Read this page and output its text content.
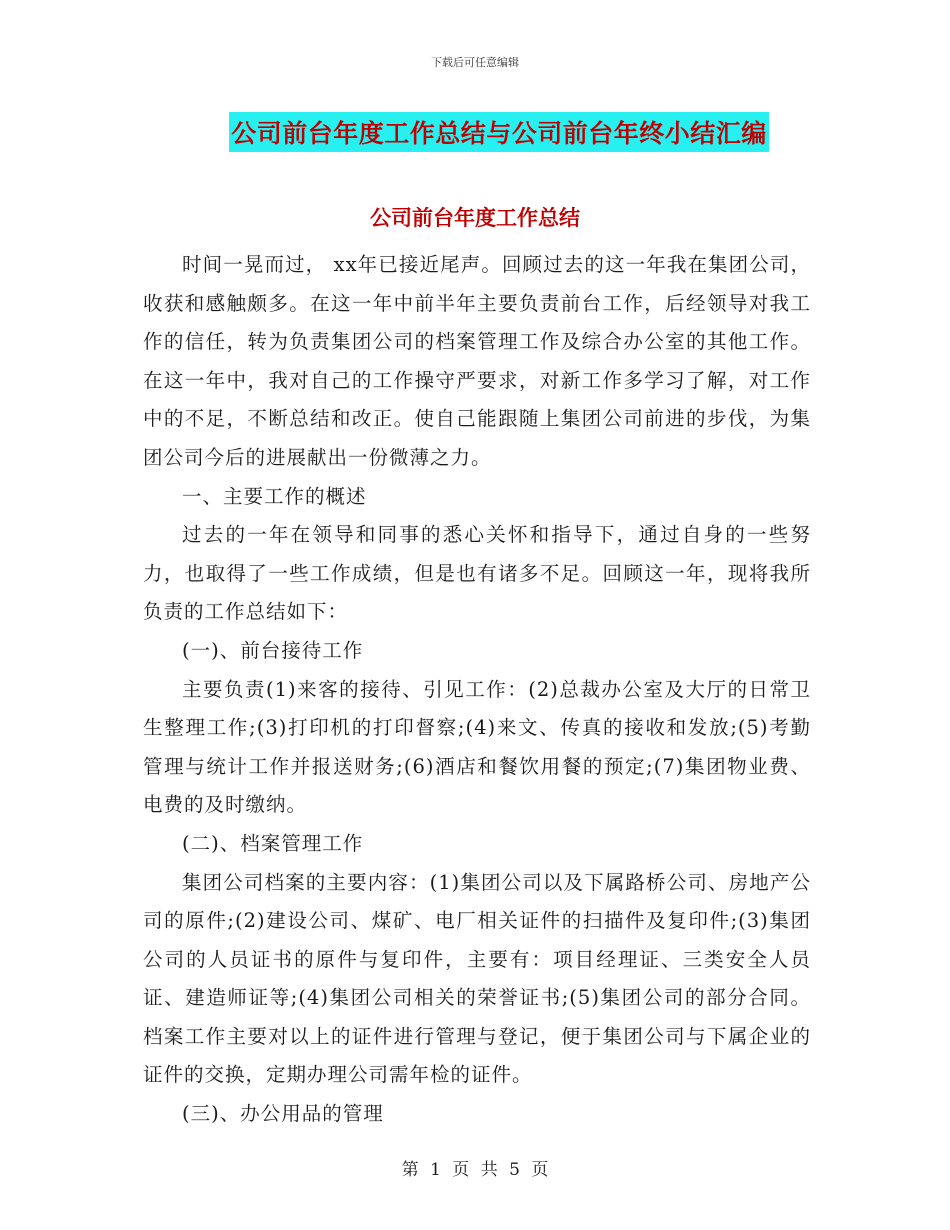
下载后可任意编辑
公司前台年度工作总结与公司前台年终小结汇编
公司前台年度工作总结

时间一晃而过， xx年已接近尾声。回顾过去的这一年我在集团公司，收获和感触颇多。在这一年中前半年主要负责前台工作，后经领导对我工作的信任，转为负责集团公司的档案管理工作及综合办公室的其他工作。在这一年中，我对自己的工作操守严要求，对新工作多学习了解，对工作中的不足，不断总结和改正。使自己能跟随上集团公司前进的步伐，为集团公司今后的进展献出一份微薄之力。

一、主要工作的概述

过去的一年在领导和同事的悉心关怀和指导下，通过自身的一些努力，也取得了一些工作成绩，但是也有诸多不足。回顾这一年，现将我所负责的工作总结如下：

(一)、前台接待工作

主要负责(1)来客的接待、引见工作：(2)总裁办公室及大厅的日常卫生整理工作;(3)打印机的打印督察;(4)来文、传真的接收和发放;(5)考勤管理与统计工作并报送财务;(6)酒店和餐饮用餐的预定;(7)集团物业费、电费的及时缴纳。

(二)、档案管理工作

集团公司档案的主要内容：(1)集团公司以及下属路桥公司、房地产公司的原件;(2)建设公司、煤矿、电厂相关证件的扫描件及复印件;(3)集团公司的人员证书的原件与复印件，主要有：项目经理证、三类安全人员证、建造师证等;(4)集团公司相关的荣誉证书;(5)集团公司的部分合同。档案工作主要对以上的证件进行管理与登记，便于集团公司与下属企业的证件的交换，定期办理公司需年检的证件。

(三)、办公用品的管理

第 1 页 共 5 页
